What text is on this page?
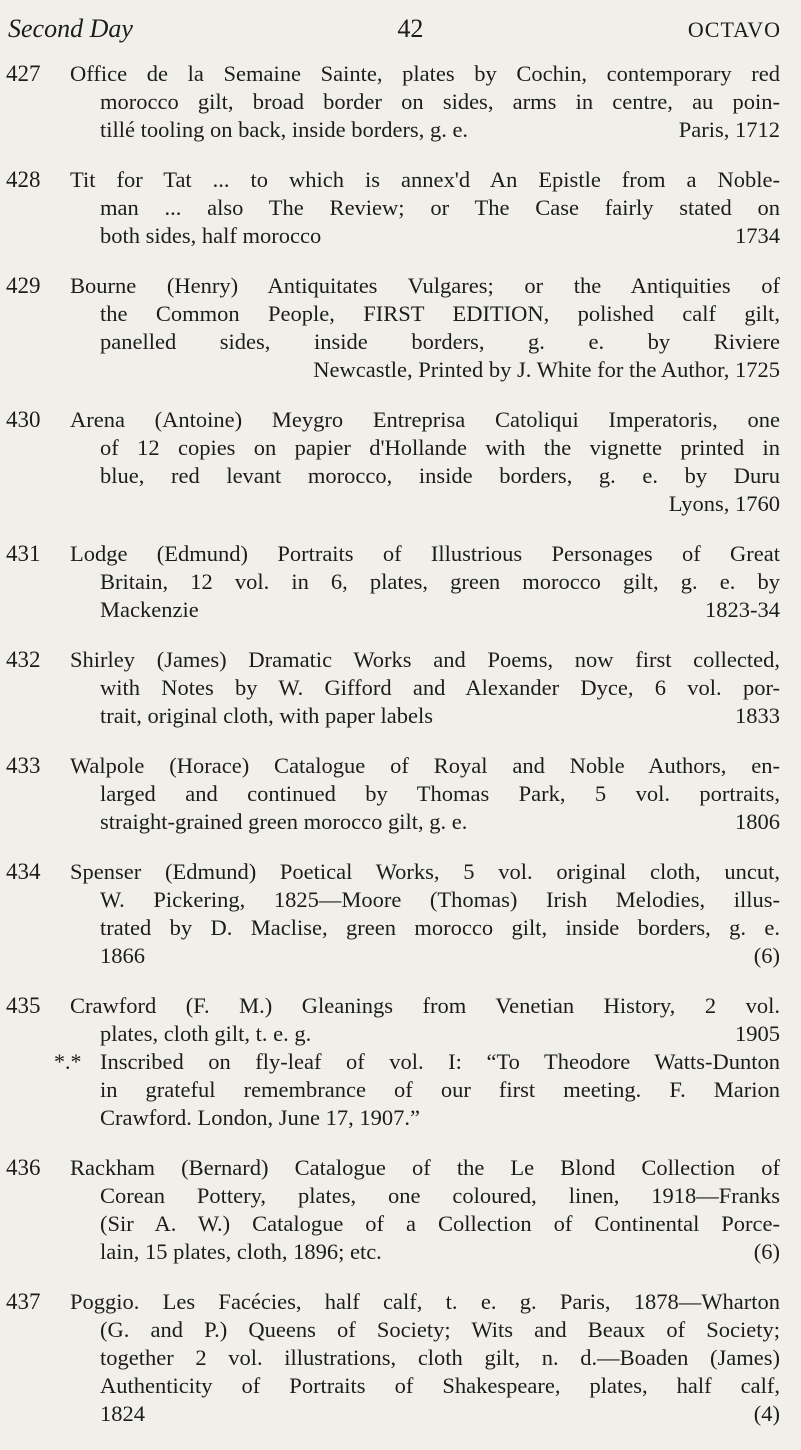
Second Day	42	OCTAVO
427	Office de la Semaine Sainte, plates by Cochin, contemporary red
morocco gilt, broad border on sides, arms in centre, au poin-
tillé tooling on back, inside borders, g. e.	Paris, 1712
428	Tit for Tat ... to which is annex'd An Epistle from a Noble-
man ... also The Review; or The Case fairly stated on
both sides, half morocco	1734
429	Bourne (Henry) Antiquitates Vulgares; or the Antiquities of
the Common People, FIRST EDITION, polished calf gilt,
panelled sides, inside borders, g. e. by Riviere
Newcastle, Printed by J. White for the Author, 1725
430	Arena (Antoine) Meygro Entreprisa Catoliqui Imperatoris, one
of 12 copies on papier d'Hollande with the vignette printed in
blue, red levant morocco, inside borders, g. e. by Duru
Lyons, 1760
431	Lodge (Edmund) Portraits of Illustrious Personages of Great
Britain, 12 vol. in 6, plates, green morocco gilt, g. e. by
Mackenzie	1823-34
432	Shirley (James) Dramatic Works and Poems, now first collected,
with Notes by W. Gifford and Alexander Dyce, 6 vol. por-
trait, original cloth, with paper labels	1833
433	Walpole (Horace) Catalogue of Royal and Noble Authors, en-
larged and continued by Thomas Park, 5 vol. portraits,
straight-grained green morocco gilt, g. e.	1806
434	Spenser (Edmund) Poetical Works, 5 vol. original cloth, uncut,
W. Pickering, 1825—Moore (Thomas) Irish Melodies, illus-
trated by D. Maclise, green morocco gilt, inside borders, g. e.
1866	(6)
435	Crawford (F. M.) Gleanings from Venetian History, 2 vol.
plates, cloth gilt, t. e. g.	1905
*.* Inscribed on fly-leaf of vol. I: “To Theodore Watts-Dunton
in grateful remembrance of our first meeting. F. Marion
Crawford. London, June 17, 1907.”
436	Rackham (Bernard) Catalogue of the Le Blond Collection of
Corean Pottery, plates, one coloured, linen, 1918—Franks
(Sir A. W.) Catalogue of a Collection of Continental Porce-
lain, 15 plates, cloth, 1896; etc.	(6)
437	Poggio. Les Facécies, half calf, t. e. g. Paris, 1878—Wharton
(G. and P.) Queens of Society; Wits and Beaux of Society;
together 2 vol. illustrations, cloth gilt, n. d.—Boaden (James)
Authenticity of Portraits of Shakespeare, plates, half calf,
1824	(4)
